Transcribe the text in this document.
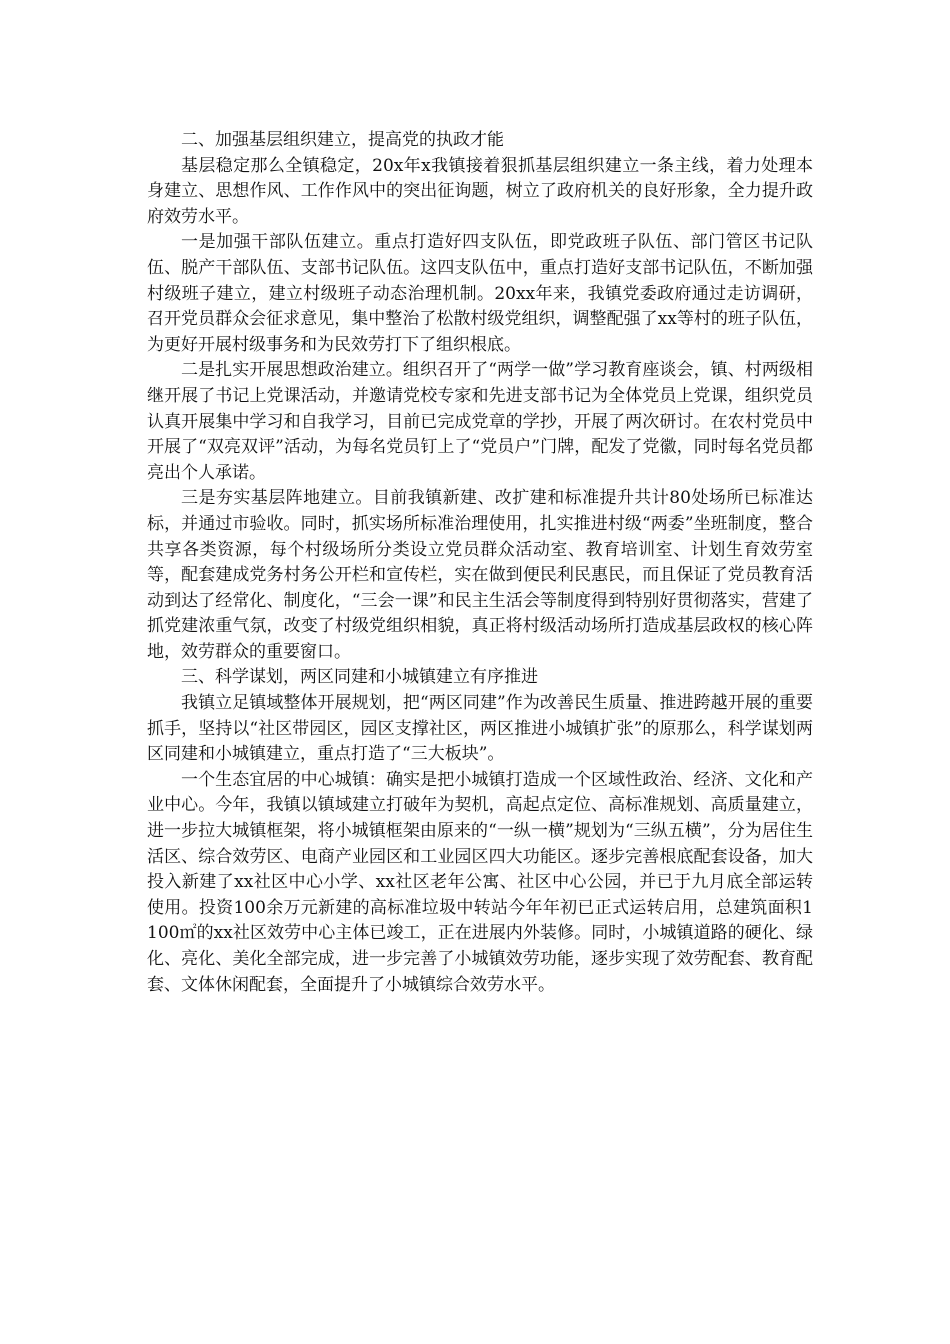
二、加强基层组织建立，提高党的执政才能

基层稳定那么全镇稳定，20x年x我镇接着狠抓基层组织建立一条主线，着力处理本身建立、思想作风、工作作风中的突出征询题，树立了政府机关的良好形象，全力提升政府效劳水平。

一是加强干部队伍建立。重点打造好四支队伍，即党政班子队伍、部门管区书记队伍、脱产干部队伍、支部书记队伍。这四支队伍中，重点打造好支部书记队伍，不断加强村级班子建立，建立村级班子动态治理机制。20xx年来，我镇党委政府通过走访调研，召开党员群众会征求意见，集中整治了松散村级党组织，调整配强了xx等村的班子队伍，为更好开展村级事务和为民效劳打下了组织根底。

二是扎实开展思想政治建立。组织召开了“两学一做”学习教育座谈会，镇、村两级相继开展了书记上党课活动，并邀请党校专家和先进支部书记为全体党员上党课，组织党员认真开展集中学习和自我学习，目前已完成党章的学抄，开展了两次研讨。在农村党员中开展了“双亮双评”活动，为每名党员钉上了“党员户”门牌，配发了党徽，同时每名党员都亮出个人承诺。

三是夯实基层阵地建立。目前我镇新建、改扩建和标准提升共计80处场所已标准达标，并通过市验收。同时，抓实场所标准治理使用，扎实推进村级“两委”坐班制度，整合共享各类资源，每个村级场所分类设立党员群众活动室、教育培训室、计划生育效劳室等，配套建成党务村务公开栏和宣传栏，实在做到便民利民惠民，而且保证了党员教育活动到达了经常化、制度化，“三会一课”和民主生活会等制度得到特别好贯彻落实，营建了抓党建浓重气氛，改变了村级党组织相貌，真正将村级活动场所打造成基层政权的核心阵地，效劳群众的重要窗口。

三、科学谋划，两区同建和小城镇建立有序推进

我镇立足镇域整体开展规划，把“两区同建”作为改善民生质量、推进跨越开展的重要抓手，坚持以“社区带园区，园区支撑社区，两区推进小城镇扩张”的原那么，科学谋划两区同建和小城镇建立，重点打造了“三大板块”。

一个生态宜居的中心城镇：确实是把小城镇打造成一个区域性政治、经济、文化和产业中心。今年，我镇以镇域建立打破年为契机，高起点定位、高标准规划、高质量建立，进一步拉大城镇框架，将小城镇框架由原来的“一纵一横”规划为“三纵五横”，分为居住生活区、综合效劳区、电商产业园区和工业园区四大功能区。逐步完善根底配套设备，加大投入新建了xx社区中心小学、xx社区老年公寓、社区中心公园，并已于九月底全部运转使用。投资100余万元新建的高标准垃圾中转站今年年初已正式运转启用，总建筑面积1100㎡的xx社区效劳中心主体已竣工，正在进展内外装修。同时，小城镇道路的硬化、绿化、亮化、美化全部完成，进一步完善了小城镇效劳功能，逐步实现了效劳配套、教育配套、文体休闲配套，全面提升了小城镇综合效劳水平。
